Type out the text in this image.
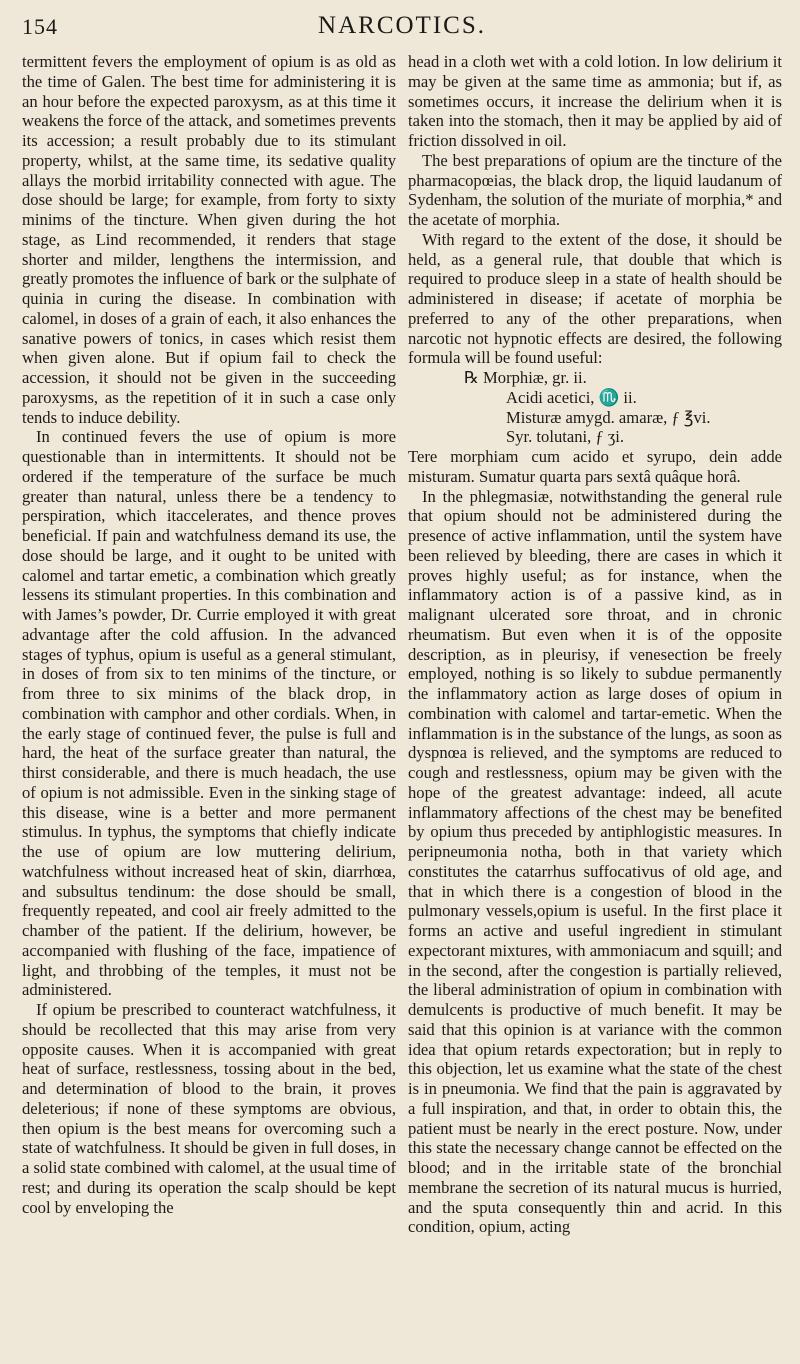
154	NARCOTICS.

termittent fevers the employment of opium is as old as the time of Galen. The best time for administering it is an hour before the expected paroxysm, as at this time it weakens the force of the attack, and sometimes prevents its accession; a result probably due to its stimulant property, whilst, at the same time, its sedative quality allays the morbid irritability connected with ague. The dose should be large; for example, from forty to sixty minims of the tincture. When given during the hot stage, as Lind recommended, it renders that stage shorter and milder, lengthens the intermission, and greatly promotes the influence of bark or the sulphate of quinia in curing the disease. In combination with calomel, in doses of a grain of each, it also enhances the sanative powers of tonics, in cases which resist them when given alone. But if opium fail to check the accession, it should not be given in the succeeding paroxysms, as the repetition of it in such a case only tends to induce debility.

In continued fevers the use of opium is more questionable than in intermittents. It should not be ordered if the temperature of the surface be much greater than natural, unless there be a tendency to perspiration, which itaccelerates, and thence proves beneficial. If pain and watchfulness demand its use, the dose should be large, and it ought to be united with calomel and tartar emetic, a combination which greatly lessens its stimulant properties. In this combination and with James’s powder, Dr. Currie employed it with great advantage after the cold affusion. In the advanced stages of typhus, opium is useful as a general stimulant, in doses of from six to ten minims of the tincture, or from three to six minims of the black drop, in combination with camphor and other cordials. When, in the early stage of continued fever, the pulse is full and hard, the heat of the surface greater than natural, the thirst considerable, and there is much headach, the use of opium is not admissible. Even in the sinking stage of this disease, wine is a better and more permanent stimulus. In typhus, the symptoms that chiefly indicate the use of opium are low muttering delirium, watchfulness without increased heat of skin, diarrhœa, and subsultus tendinum: the dose should be small, frequently repeated, and cool air freely admitted to the chamber of the patient. If the delirium, however, be accompanied with flushing of the face, impatience of light, and throbbing of the temples, it must not be administered.

If opium be prescribed to counteract watchfulness, it should be recollected that this may arise from very opposite causes. When it is accompanied with great heat of surface, restlessness, tossing about in the bed, and determination of blood to the brain, it proves deleterious; if none of these symptoms are obvious, then opium is the best means for overcoming such a state of watchfulness. It should be given in full doses, in a solid state combined with calomel, at the usual time of rest; and during its operation the scalp should be kept cool by enveloping the

head in a cloth wet with a cold lotion. In low delirium it may be given at the same time as ammonia; but if, as sometimes occurs, it increase the delirium when it is taken into the stomach, then it may be applied by aid of friction dissolved in oil.

The best preparations of opium are the tincture of the pharmacopœias, the black drop, the liquid laudanum of Sydenham, the solution of the muriate of morphia,* and the acetate of morphia.

With regard to the extent of the dose, it should be held, as a general rule, that double that which is required to produce sleep in a state of health should be administered in disease; if acetate of morphia be preferred to any of the other preparations, when narcotic not hypnotic effects are desired, the following formula will be found useful:

℞ Morphiæ, gr. ii.
Acidi acetici, ♏ ii.
Misturæ amygd. amaræ, ƒ ℥vi.
Syr. tolutani, ƒ ʒi.

Tere morphiam cum acido et syrupo, dein adde misturam. Sumatur quarta pars sextâ quâque horâ.

In the phlegmasiæ, notwithstanding the general rule that opium should not be administered during the presence of active inflammation, until the system have been relieved by bleeding, there are cases in which it proves highly useful; as for instance, when the inflammatory action is of a passive kind, as in malignant ulcerated sore throat, and in chronic rheumatism. But even when it is of the opposite description, as in pleurisy, if venesection be freely employed, nothing is so likely to subdue permanently the inflammatory action as large doses of opium in combination with calomel and tartar-emetic. When the inflammation is in the substance of the lungs, as soon as dyspnœa is relieved, and the symptoms are reduced to cough and restlessness, opium may be given with the hope of the greatest advantage: indeed, all acute inflammatory affections of the chest may be benefited by opium thus preceded by antiphlogistic measures. In peripneumonia notha, both in that variety which constitutes the catarrhus suffocativus of old age, and that in which there is a congestion of blood in the pulmonary vessels,opium is useful. In the first place it forms an active and useful ingredient in stimulant expectorant mixtures, with ammoniacum and squill; and in the second, after the congestion is partially relieved, the liberal administration of opium in combination with demulcents is productive of much benefit. It may be said that this opinion is at variance with the common idea that opium retards expectoration; but in reply to this objection, let us examine what the state of the chest is in pneumonia. We find that the pain is aggravated by a full inspiration, and that, in order to obtain this, the patient must be nearly in the erect posture. Now, under this state the necessary change cannot be effected on the blood; and in the irritable state of the bronchial membrane the secretion of its natural mucus is hurried, and the sputa consequently thin and acrid. In this condition, opium, acting
